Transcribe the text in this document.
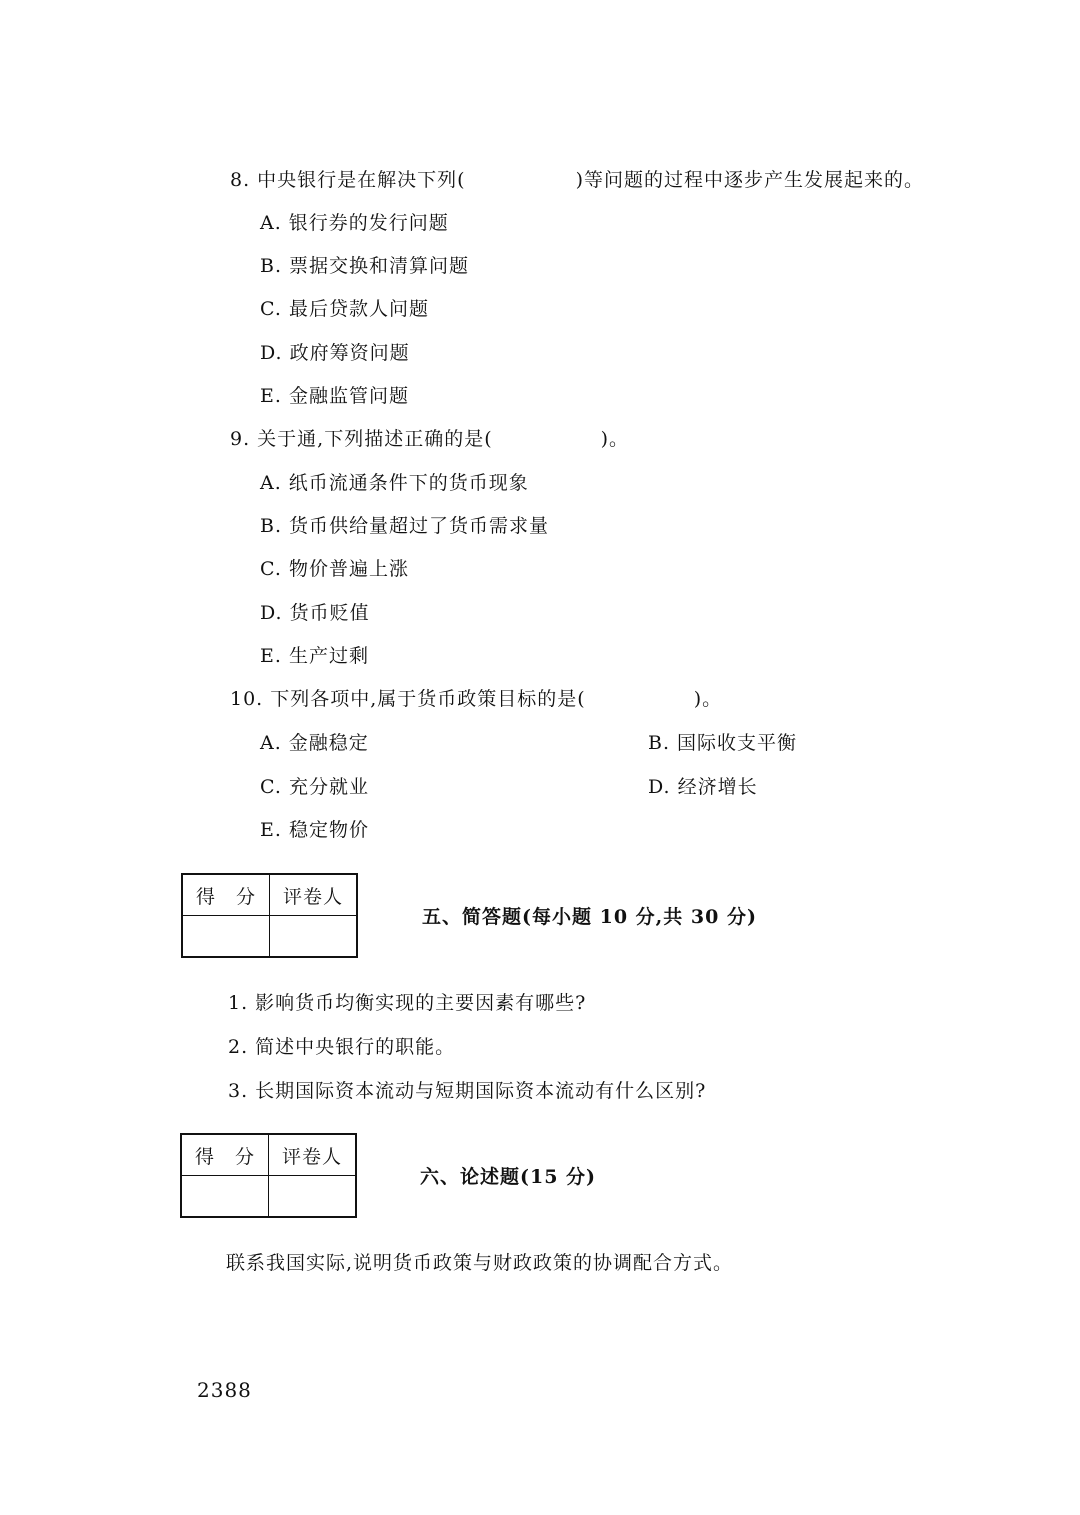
8. 中央银行是在解决下列(	)等问题的过程中逐步产生发展起来的。
A. 银行券的发行问题
B. 票据交换和清算问题
C. 最后贷款人问题
D. 政府筹资问题
E. 金融监管问题
9. 关于通,下列描述正确的是(	)。
A. 纸币流通条件下的货币现象
B. 货币供给量超过了货币需求量
C. 物价普遍上涨
D. 货币贬值
E. 生产过剩
10. 下列各项中,属于货币政策目标的是(	)。
A. 金融稳定	B. 国际收支平衡
C. 充分就业	D. 经济增长
E. 稳定物价
得　分	评卷人

五、简答题(每小题 10 分,共 30 分)
1. 影响货币均衡实现的主要因素有哪些?
2. 简述中央银行的职能。
3. 长期国际资本流动与短期国际资本流动有什么区别?
得　分	评卷人

六、论述题(15 分)
联系我国实际,说明货币政策与财政政策的协调配合方式。
2388
